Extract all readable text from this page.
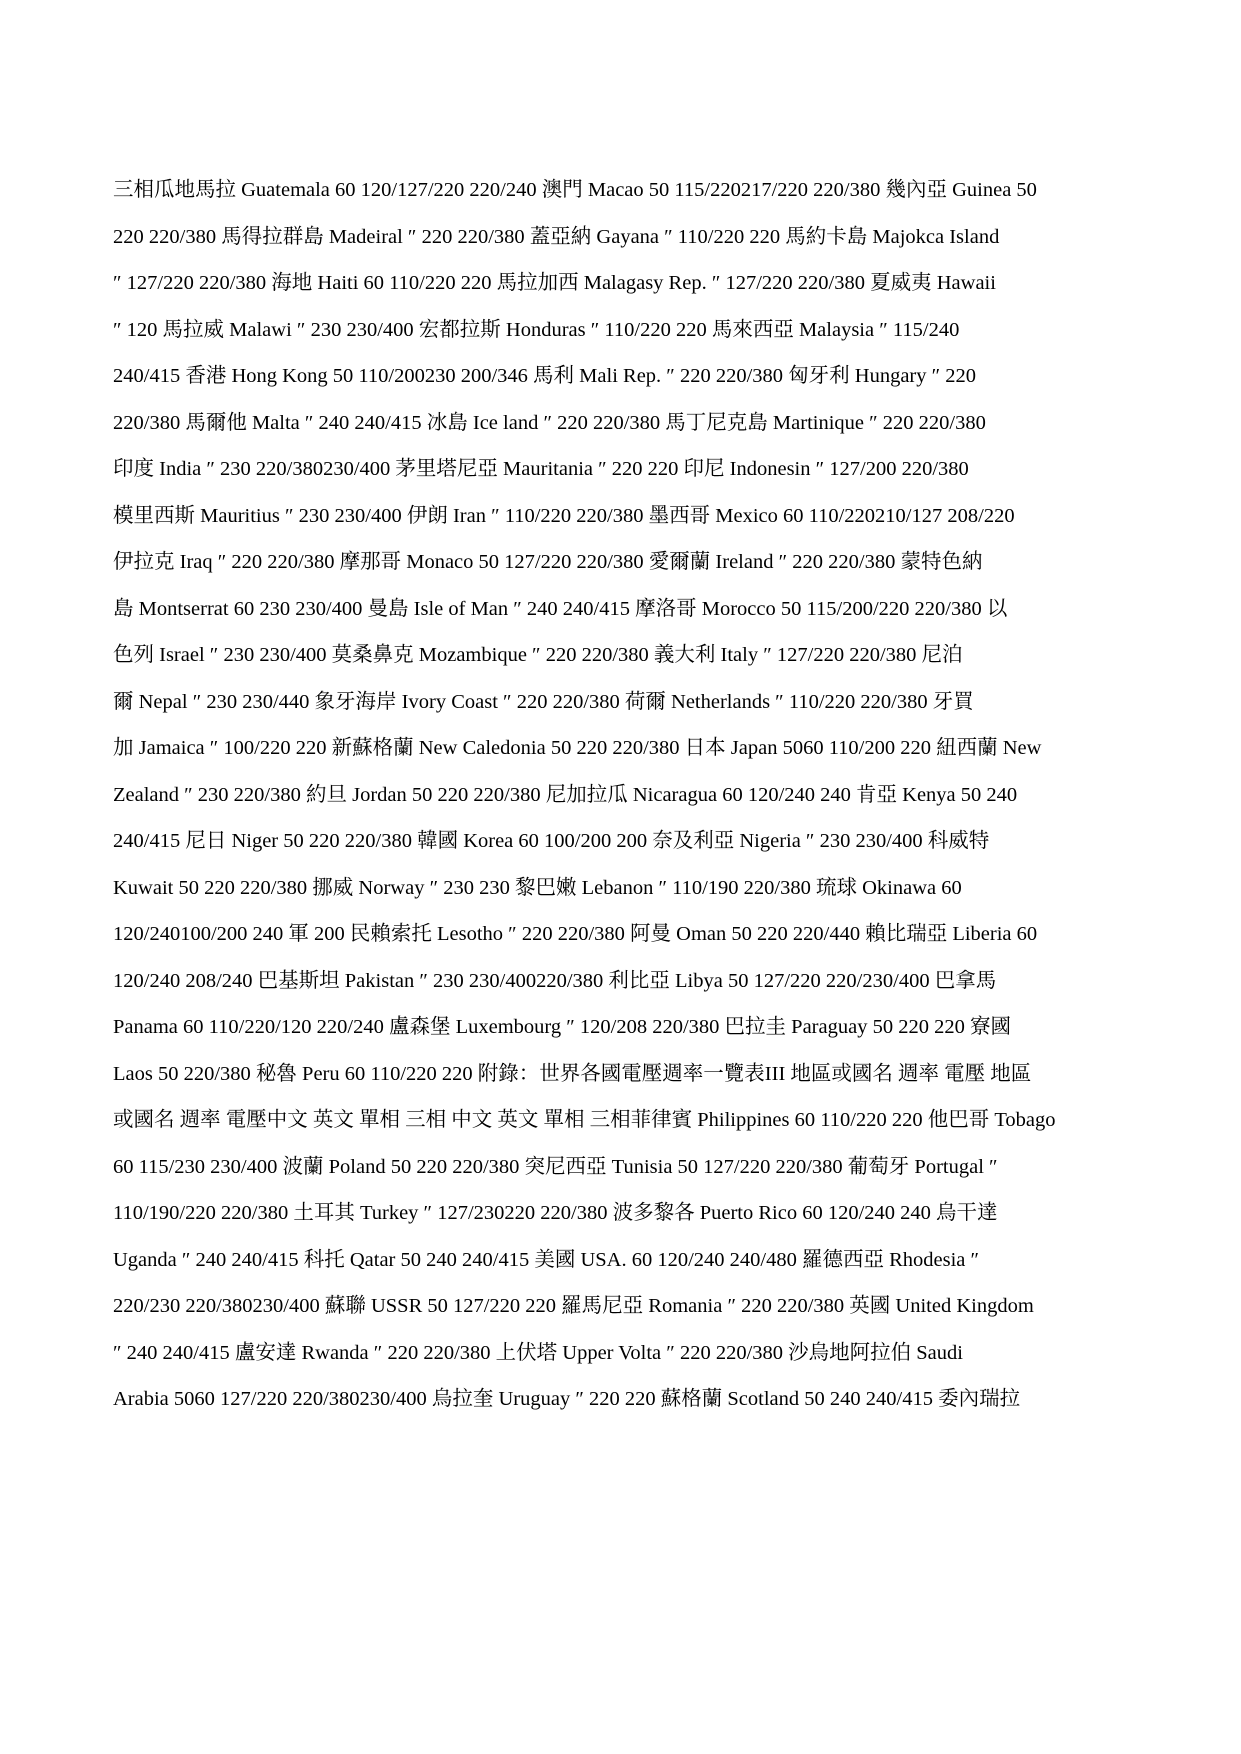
三相瓜地馬拉 Guatemala 60 120/127/220 220/240 澳門 Macao 50 115/220217/220 220/380 幾內亞 Guinea 50
220 220/380 馬得拉群島 Madeiral ″ 220 220/380 蓋亞納 Gayana ″ 110/220 220 馬約卡島 Majokca Island
″ 127/220 220/380 海地 Haiti 60 110/220 220 馬拉加西 Malagasy Rep. ″ 127/220 220/380 夏威夷 Hawaii
″ 120 馬拉威 Malawi ″ 230 230/400 宏都拉斯 Honduras ″ 110/220 220 馬來西亞 Malaysia ″ 115/240
240/415 香港 Hong Kong 50 110/200230 200/346 馬利 Mali Rep. ″ 220 220/380 匈牙利 Hungary ″ 220
220/380 馬爾他 Malta ″ 240 240/415 冰島 Ice land ″ 220 220/380 馬丁尼克島 Martinique ″ 220 220/380
印度 India ″ 230 220/380230/400 茅里塔尼亞 Mauritania ″ 220 220 印尼 Indonesin ″ 127/200 220/380
模里西斯 Mauritius ″ 230 230/400 伊朗 Iran ″ 110/220 220/380 墨西哥 Mexico 60 110/220210/127 208/220
伊拉克 Iraq ″ 220 220/380 摩那哥 Monaco 50 127/220 220/380 愛爾蘭 Ireland ″ 220 220/380 蒙特色納
島 Montserrat 60 230 230/400 曼島 Isle of Man ″ 240 240/415 摩洛哥 Morocco 50 115/200/220 220/380 以
色列 Israel ″ 230 230/400 莫桑鼻克 Mozambique ″ 220 220/380 義大利 Italy ″ 127/220 220/380 尼泊
爾 Nepal ″ 230 230/440 象牙海岸 Ivory Coast ″ 220 220/380 荷爾 Netherlands ″ 110/220 220/380 牙買
加 Jamaica ″ 100/220 220 新蘇格蘭 New Caledonia 50 220 220/380 日本 Japan 5060 110/200 220 紐西蘭 New
Zealand ″ 230 220/380 約旦 Jordan 50 220 220/380 尼加拉瓜 Nicaragua 60 120/240 240 肯亞 Kenya 50 240
240/415 尼日 Niger 50 220 220/380 韓國 Korea 60 100/200 200 奈及利亞 Nigeria ″ 230 230/400 科威特
Kuwait 50 220 220/380 挪威 Norway ″ 230 230 黎巴嫩 Lebanon ″ 110/190 220/380 琉球 Okinawa 60
120/240100/200 240 軍 200 民賴索托 Lesotho ″ 220 220/380 阿曼 Oman 50 220 220/440 賴比瑞亞 Liberia 60
120/240 208/240 巴基斯坦 Pakistan ″ 230 230/400220/380 利比亞 Libya 50 127/220 220/230/400 巴拿馬
Panama 60 110/220/120 220/240 盧森堡 Luxembourg ″ 120/208 220/380 巴拉圭 Paraguay 50 220 220 寮國
Laos 50 220/380 秘魯 Peru 60 110/220 220 附錄：世界各國電壓週率一覽表III 地區或國名 週率 電壓 地區
或國名 週率 電壓中文 英文 單相 三相 中文 英文 單相 三相菲律賓 Philippines 60 110/220 220 他巴哥 Tobago
60 115/230 230/400 波蘭 Poland 50 220 220/380 突尼西亞 Tunisia 50 127/220 220/380 葡萄牙 Portugal ″
110/190/220 220/380 土耳其 Turkey ″ 127/230220 220/380 波多黎各 Puerto Rico 60 120/240 240 烏干達
Uganda ″ 240 240/415 科托 Qatar 50 240 240/415 美國 USA. 60 120/240 240/480 羅德西亞 Rhodesia ″
220/230 220/380230/400 蘇聯 USSR 50 127/220 220 羅馬尼亞 Romania ″ 220 220/380 英國 United Kingdom
″ 240 240/415 盧安達 Rwanda ″ 220 220/380 上伏塔 Upper Volta ″ 220 220/380 沙烏地阿拉伯 Saudi
Arabia 5060 127/220 220/380230/400 烏拉奎 Uruguay ″ 220 220 蘇格蘭 Scotland 50 240 240/415 委內瑞拉
